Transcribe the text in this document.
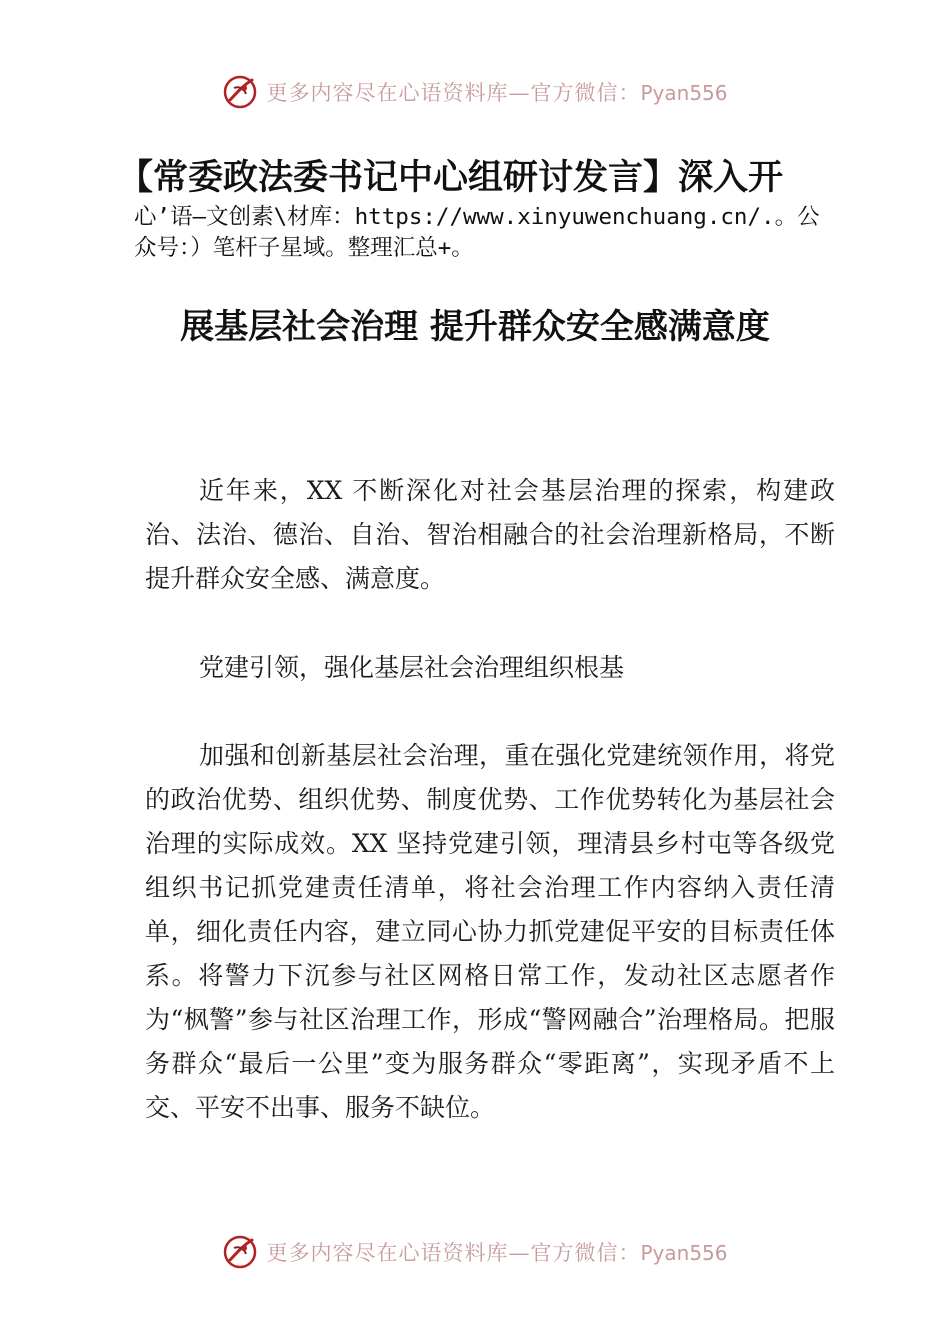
更多内容尽在心语资料库—官方微信：Pyan556
【常委政法委书记中心组研讨发言】深入开
心’语—文创素\材库：https://www.xinyuwenchuang.cn/.。公众号：）笔杆子星域。整理汇总+。
展基层社会治理 提升群众安全感满意度

近年来，XX 不断深化对社会基层治理的探索，构建政治、法治、德治、自治、智治相融合的社会治理新格局，不断提升群众安全感、满意度。

党建引领，强化基层社会治理组织根基

加强和创新基层社会治理，重在强化党建统领作用，将党的政治优势、组织优势、制度优势、工作优势转化为基层社会治理的实际成效。XX 坚持党建引领，理清县乡村屯等各级党组织书记抓党建责任清单，将社会治理工作内容纳入责任清单，细化责任内容，建立同心协力抓党建促平安的目标责任体系。将警力下沉参与社区网格日常工作，发动社区志愿者作为“枫警”参与社区治理工作，形成“警网融合”治理格局。把服务群众“最后一公里”变为服务群众“零距离”，实现矛盾不上交、平安不出事、服务不缺位。

更多内容尽在心语资料库—官方微信：Pyan556
